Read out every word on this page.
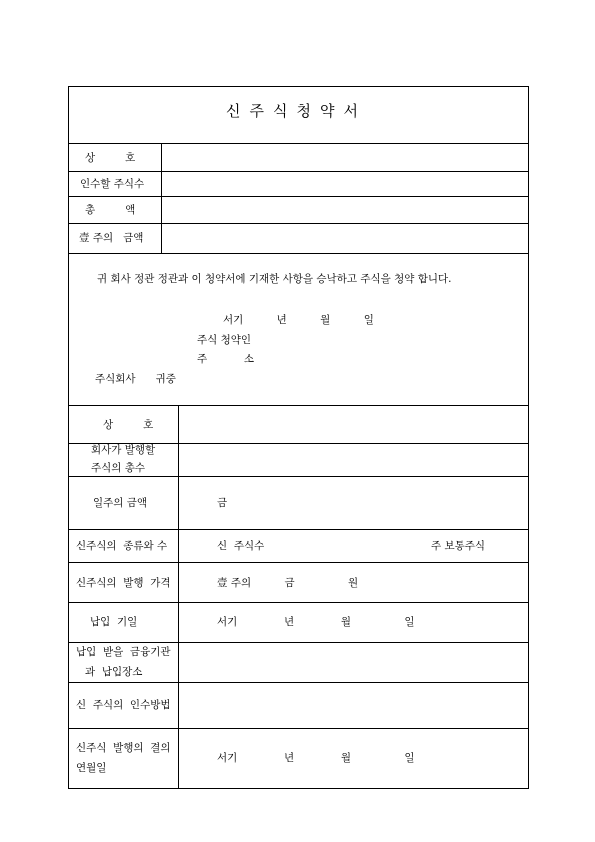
신주식청약서
상         호
인수할 주식수
총         액
壹 주의   금액
귀 회사 정관 정관과 이 청약서에 기재한 사항을 승낙하고 주식을 청약 합니다.
서기          년          월          일
주식 청약인
주           소
주식회사      귀중
상         호
회사가 발행할
주식의 총수
일주의 금액
신주식의  종류와 수
신주식의  발행  가격
납입  기일
납입  받을  금융기관
과  납입장소
신  주식의  인수방법
신주식  발행의  결의
연월일
금
신  주식수	주 보통주식
壹 주의          금                원
서기              년              월                일
서기              년              월                일
